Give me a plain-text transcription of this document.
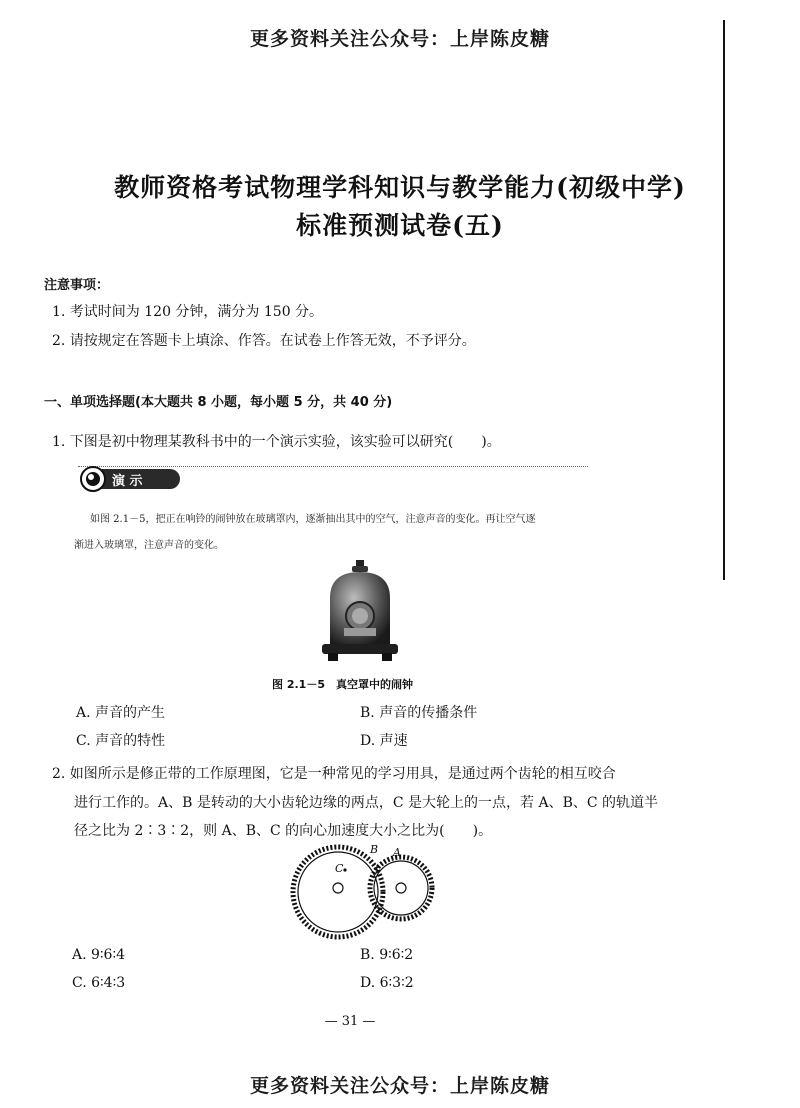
更多资料关注公众号：上岸陈皮糖
教师资格考试物理学科知识与教学能力(初级中学)
标准预测试卷(五)
注意事项：
1. 考试时间为 120 分钟，满分为 150 分。
2. 请按规定在答题卡上填涂、作答。在试卷上作答无效，不予评分。
一、单项选择题(本大题共 8 小题，每小题 5 分，共 40 分)
1. 下图是初中物理某教科书中的一个演示实验，该实验可以研究(　　)。
演 示
如图 2.1－5，把正在响铃的闹钟放在玻璃罩内，逐渐抽出其中的空气，注意声音的变化。再让空气逐
渐进入玻璃罩，注意声音的变化。
图 2.1－5　真空罩中的闹钟
A. 声音的产生	B. 声音的传播条件
C. 声音的特性	D. 声速
2. 如图所示是修正带的工作原理图，它是一种常见的学习用具，是通过两个齿轮的相互咬合
进行工作的。A、B 是转动的大小齿轮边缘的两点，C 是大轮上的一点，若 A、B、C 的轨道半
径之比为 2∶3∶2，则 A、B、C 的向心加速度大小之比为(　　)。
C
B A
A. 9∶6∶4	B. 9∶6∶2
C. 6∶4∶3	D. 6∶3∶2
— 31 —
更多资料关注公众号：上岸陈皮糖
